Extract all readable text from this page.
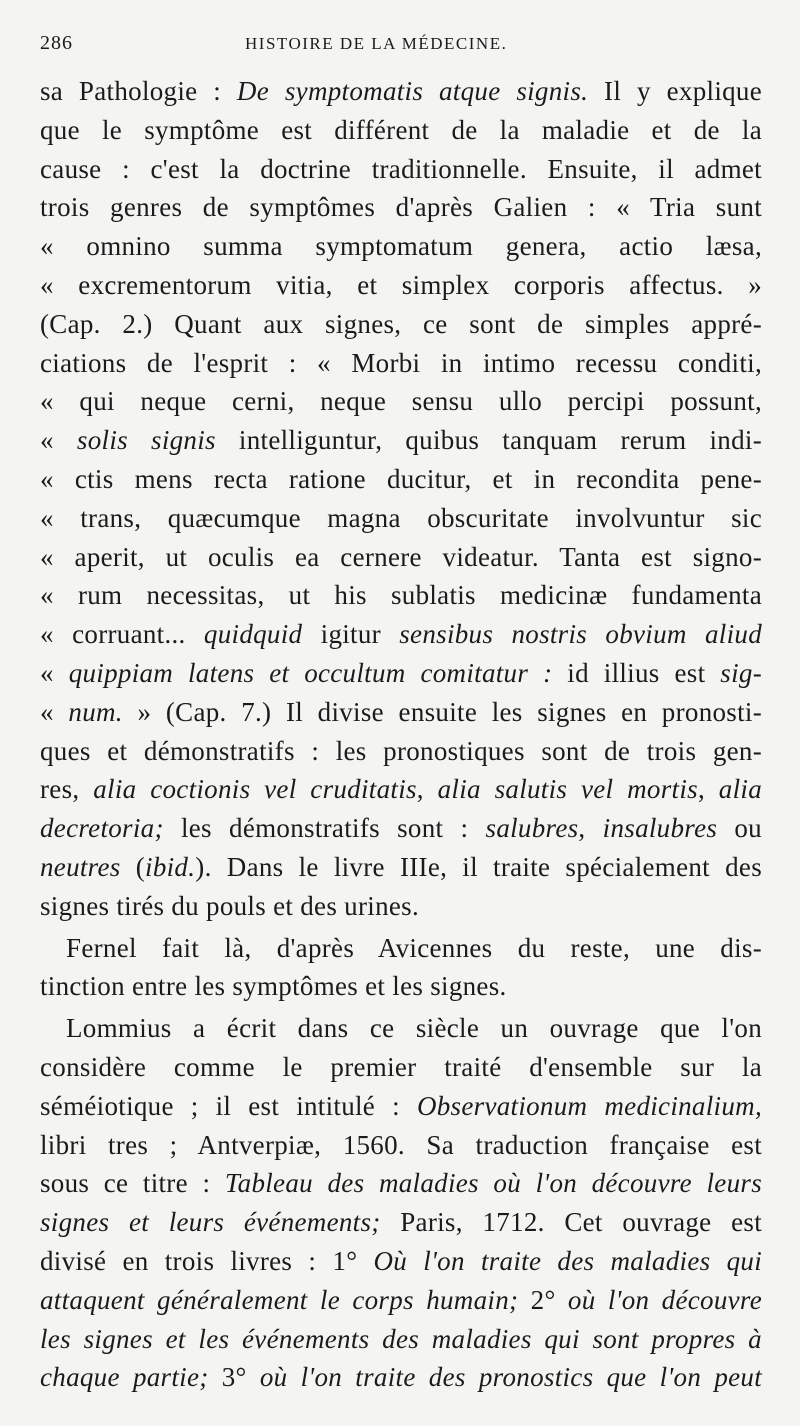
286	HISTOIRE DE LA MÉDECINE.
sa Pathologie : De symptomatis atque signis. Il y explique
que le symptôme est différent de la maladie et de la
cause : c'est la doctrine traditionnelle. Ensuite, il admet
trois genres de symptômes d'après Galien : « Tria sunt
« omnino summa symptomatum genera, actio læsa,
« excrementorum vitia, et simplex corporis affectus. »
(Cap. 2.) Quant aux signes, ce sont de simples appré-
ciations de l'esprit : « Morbi in intimo recessu conditi,
« qui neque cerni, neque sensu ullo percipi possunt,
« solis signis intelliguntur, quibus tanquam rerum indi-
« ctis mens recta ratione ducitur, et in recondita pene-
« trans, quæcumque magna obscuritate involvuntur sic
« aperit, ut oculis ea cernere videatur. Tanta est signo-
« rum necessitas, ut his sublatis medicinæ fundamenta
« corruant... quidquid igitur sensibus nostris obvium aliud
« quippiam latens et occultum comitatur : id illius est sig-
« num. » (Cap. 7.) Il divise ensuite les signes en pronosti-
ques et démonstratifs : les pronostiques sont de trois gen-
res, alia coctionis vel cruditatis, alia salutis vel mortis, alia
decretoria; les démonstratifs sont : salubres, insalubres ou
neutres (ibid.). Dans le livre IIIe, il traite spécialement des
signes tirés du pouls et des urines.
Fernel fait là, d'après Avicennes du reste, une dis-
tinction entre les symptômes et les signes.
Lommius a écrit dans ce siècle un ouvrage que l'on
considère comme le premier traité d'ensemble sur la
séméiotique ; il est intitulé : Observationum medicinalium,
libri tres ; Antverpiæ, 1560. Sa traduction française est
sous ce titre : Tableau des maladies où l'on découvre leurs
signes et leurs événements; Paris, 1712. Cet ouvrage est
divisé en trois livres : 1° Où l'on traite des maladies qui
attaquent généralement le corps humain; 2° où l'on découvre
les signes et les événements des maladies qui sont propres à
chaque partie; 3° où l'on traite des pronostics que l'on peut
